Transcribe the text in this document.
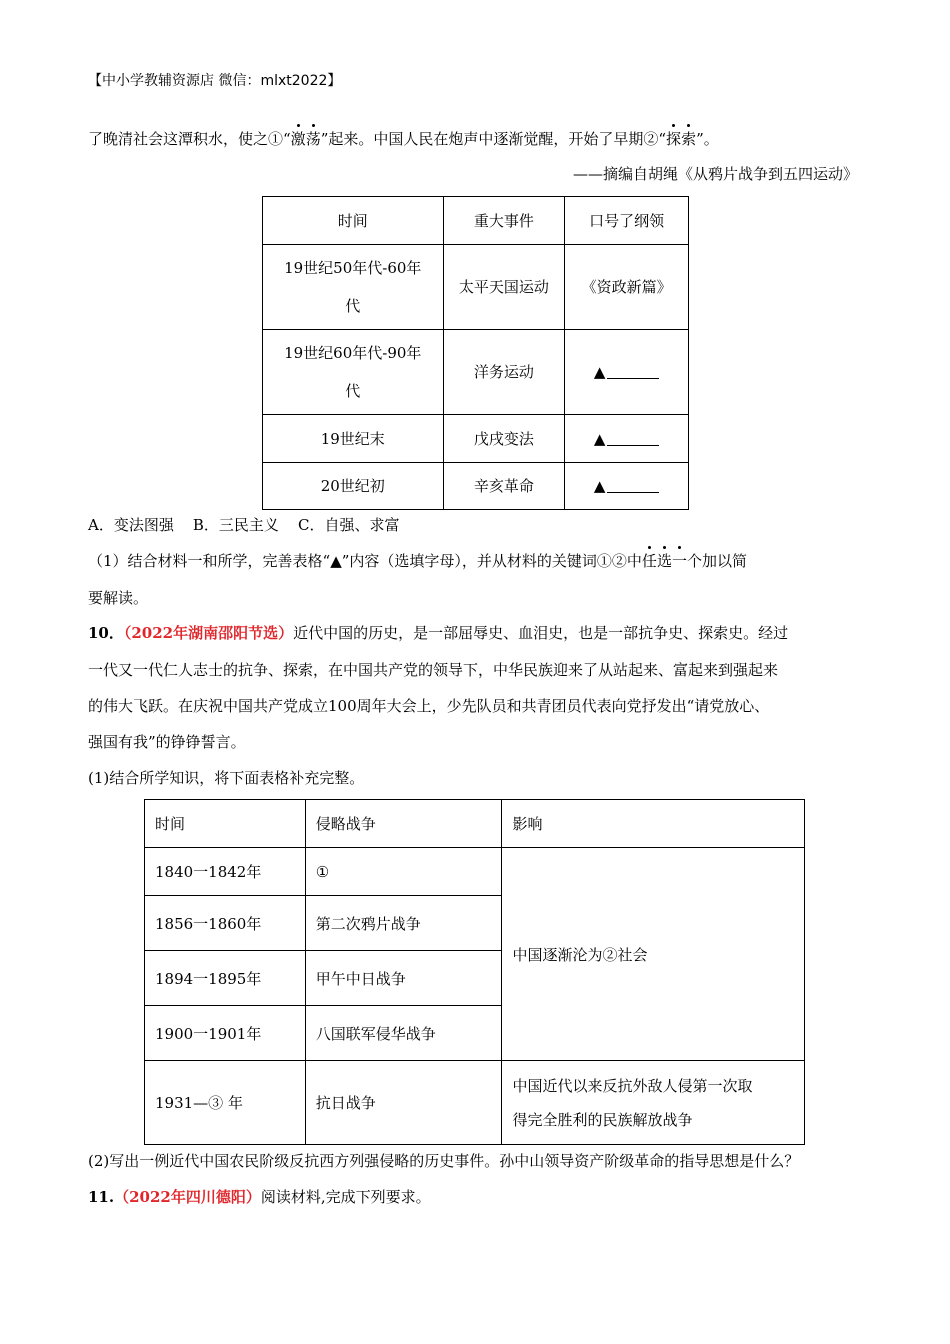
【中小学教辅资源店 微信：mlxt2022】
了晚清社会这潭积水，使之①“激荡”起来。中国人民在炮声中逐渐觉醒，开始了早期②“探索”。
——摘编自胡绳《从鸦片战争到五四运动》
时间	重大事件	口号了纲领
19世纪50年代-60年
代	太平天国运动	《资政新篇》
19世纪60年代-90年
代	洋务运动	▲
19世纪末	戊戌变法	▲
20世纪初	辛亥革命	▲
A．变法图强    B．三民主义    C．自强、求富
（1）结合材料一和所学，完善表格“▲”内容（选填字母），并从材料的关键词①②中任选一个加以简
要解读。
10．（2022年湖南邵阳节选）近代中国的历史，是一部屈辱史、血泪史，也是一部抗争史、探索史。经过
一代又一代仁人志士的抗争、探索，在中国共产党的领导下，中华民族迎来了从站起来、富起来到强起来
的伟大飞跃。在庆祝中国共产党成立100周年大会上，少先队员和共青团员代表向党抒发出“请党放心、
强国有我”的铮铮誓言。
(1)结合所学知识，将下面表格补充完整。
时间	侵略战争	影响
1840一1842年	①	中国逐渐沦为②社会
1856一1860年	第二次鸦片战争	
1894一1895年	甲午中日战争	
1900一1901年	八国联军侵华战争	
1931—③ 年	抗日战争	中国近代以来反抗外敌人侵第一次取
得完全胜利的民族解放战争
(2)写出一例近代中国农民阶级反抗西方列强侵略的历史事件。孙中山领导资产阶级革命的指导思想是什么？
11.（2022年四川德阳）阅读材料,完成下列要求。
